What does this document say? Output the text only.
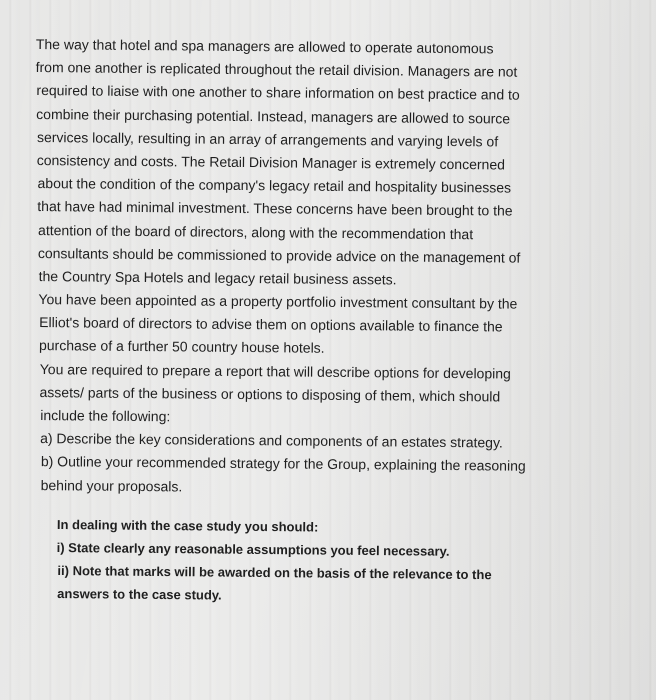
The way that hotel and spa managers are allowed to operate autonomous
from one another is replicated throughout the retail division. Managers are not
required to liaise with one another to share information on best practice and to
combine their purchasing potential. Instead, managers are allowed to source
services locally, resulting in an array of arrangements and varying levels of
consistency and costs. The Retail Division Manager is extremely concerned
about the condition of the company's legacy retail and hospitality businesses
that have had minimal investment. These concerns have been brought to the
attention of the board of directors, along with the recommendation that
consultants should be commissioned to provide advice on the management of
the Country Spa Hotels and legacy retail business assets.
You have been appointed as a property portfolio investment consultant by the
Elliot's board of directors to advise them on options available to finance the
purchase of a further 50 country house hotels.
You are required to prepare a report that will describe options for developing
assets/ parts of the business or options to disposing of them, which should
include the following:
a) Describe the key considerations and components of an estates strategy.
b) Outline your recommended strategy for the Group, explaining the reasoning
behind your proposals.

In dealing with the case study you should:
i) State clearly any reasonable assumptions you feel necessary.
ii) Note that marks will be awarded on the basis of the relevance to the
answers to the case study.
